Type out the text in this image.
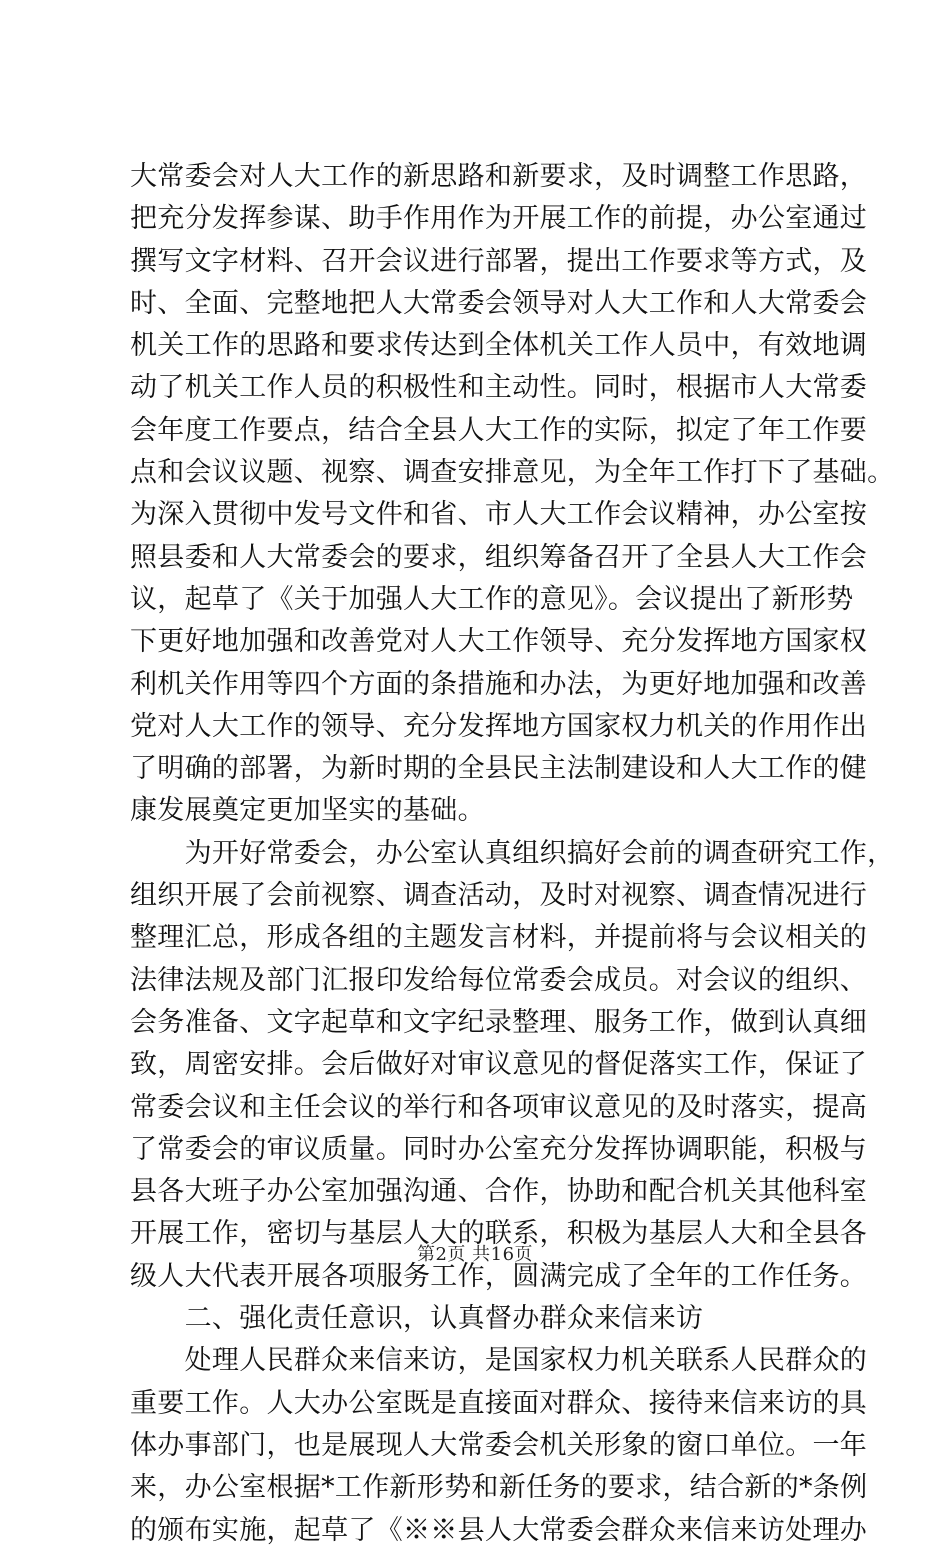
大常委会对人大工作的新思路和新要求，及时调整工作思路，
把充分发挥参谋、助手作用作为开展工作的前提，办公室通过
撰写文字材料、召开会议进行部署，提出工作要求等方式，及
时、全面、完整地把人大常委会领导对人大工作和人大常委会
机关工作的思路和要求传达到全体机关工作人员中，有效地调
动了机关工作人员的积极性和主动性。同时，根据市人大常委
会年度工作要点，结合全县人大工作的实际，拟定了年工作要
点和会议议题、视察、调查安排意见，为全年工作打下了基础。
为深入贯彻中发号文件和省、市人大工作会议精神，办公室按
照县委和人大常委会的要求，组织筹备召开了全县人大工作会
议，起草了《关于加强人大工作的意见》。会议提出了新形势
下更好地加强和改善党对人大工作领导、充分发挥地方国家权
利机关作用等四个方面的条措施和办法，为更好地加强和改善
党对人大工作的领导、充分发挥地方国家权力机关的作用作出
了明确的部署，为新时期的全县民主法制建设和人大工作的健
康发展奠定更加坚实的基础。
　　为开好常委会，办公室认真组织搞好会前的调查研究工作，
组织开展了会前视察、调查活动，及时对视察、调查情况进行
整理汇总，形成各组的主题发言材料，并提前将与会议相关的
法律法规及部门汇报印发给每位常委会成员。对会议的组织、
会务准备、文字起草和文字纪录整理、服务工作，做到认真细
致，周密安排。会后做好对审议意见的督促落实工作，保证了
常委会议和主任会议的举行和各项审议意见的及时落实，提高
了常委会的审议质量。同时办公室充分发挥协调职能，积极与
县各大班子办公室加强沟通、合作，协助和配合机关其他科室
开展工作，密切与基层人大的联系，积极为基层人大和全县各
级人大代表开展各项服务工作，圆满完成了全年的工作任务。
　　二、强化责任意识，认真督办群众来信来访
　　处理人民群众来信来访，是国家权力机关联系人民群众的
重要工作。人大办公室既是直接面对群众、接待来信来访的具
体办事部门，也是展现人大常委会机关形象的窗口单位。一年
来，办公室根据*工作新形势和新任务的要求，结合新的*条例
的颁布实施，起草了《※※县人大常委会群众来信来访处理办
第2页 共16页
